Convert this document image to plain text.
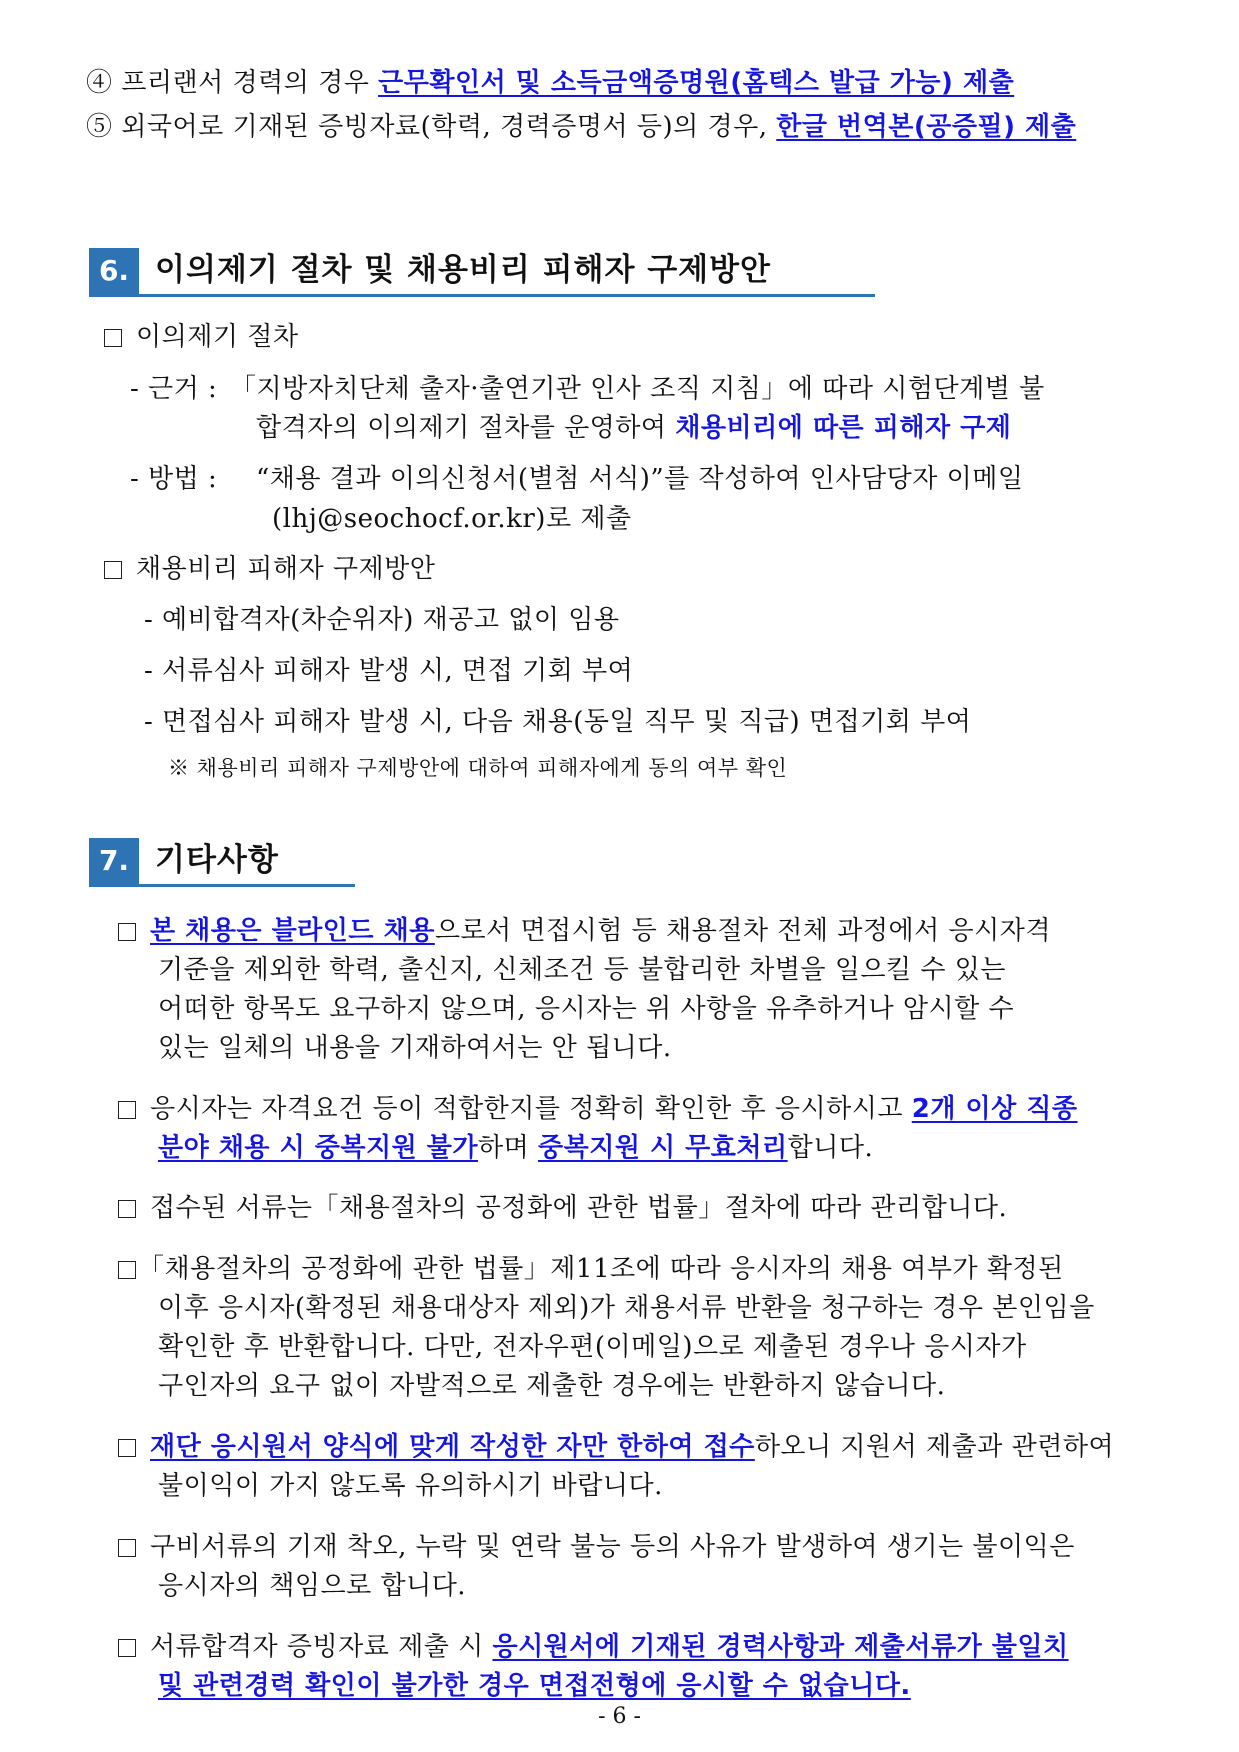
④ 프리랜서 경력의 경우 근무확인서 및 소득금액증명원(홈텍스 발급 가능) 제출
⑤ 외국어로 기재된 증빙자료(학력, 경력증명서 등)의 경우, 한글 번역본(공증필) 제출
6. 이의제기 절차 및 채용비리 피해자 구제방안
이의제기 절차
- 근거 : 「지방자치단체 출자·출연기관 인사 조직 지침」에 따라 시험단계별 불
합격자의 이의제기 절차를 운영하여 채용비리에 따른 피해자 구제
- 방법 : “채용 결과 이의신청서(별첨 서식)”를 작성하여 인사담당자 이메일
(lhj@seochocf.or.kr)로 제출
채용비리 피해자 구제방안
- 예비합격자(차순위자) 재공고 없이 임용
- 서류심사 피해자 발생 시, 면접 기회 부여
- 면접심사 피해자 발생 시, 다음 채용(동일 직무 및 직급) 면접기회 부여
※ 채용비리 피해자 구제방안에 대하여 피해자에게 동의 여부 확인
7. 기타사항
본 채용은 블라인드 채용으로서 면접시험 등 채용절차 전체 과정에서 응시자격
기준을 제외한 학력, 출신지, 신체조건 등 불합리한 차별을 일으킬 수 있는
어떠한 항목도 요구하지 않으며, 응시자는 위 사항을 유추하거나 암시할 수
있는 일체의 내용을 기재하여서는 안 됩니다.
응시자는 자격요건 등이 적합한지를 정확히 확인한 후 응시하시고 2개 이상 직종
분야 채용 시 중복지원 불가하며 중복지원 시 무효처리합니다.
접수된 서류는「채용절차의 공정화에 관한 법률」절차에 따라 관리합니다.
「채용절차의 공정화에 관한 법률」제11조에 따라 응시자의 채용 여부가 확정된
이후 응시자(확정된 채용대상자 제외)가 채용서류 반환을 청구하는 경우 본인임을
확인한 후 반환합니다. 다만, 전자우편(이메일)으로 제출된 경우나 응시자가
구인자의 요구 없이 자발적으로 제출한 경우에는 반환하지 않습니다.
재단 응시원서 양식에 맞게 작성한 자만 한하여 접수하오니 지원서 제출과 관련하여
불이익이 가지 않도록 유의하시기 바랍니다.
구비서류의 기재 착오, 누락 및 연락 불능 등의 사유가 발생하여 생기는 불이익은
응시자의 책임으로 합니다.
서류합격자 증빙자료 제출 시 응시원서에 기재된 경력사항과 제출서류가 불일치
및 관련경력 확인이 불가한 경우 면접전형에 응시할 수 없습니다.
- 6 -
